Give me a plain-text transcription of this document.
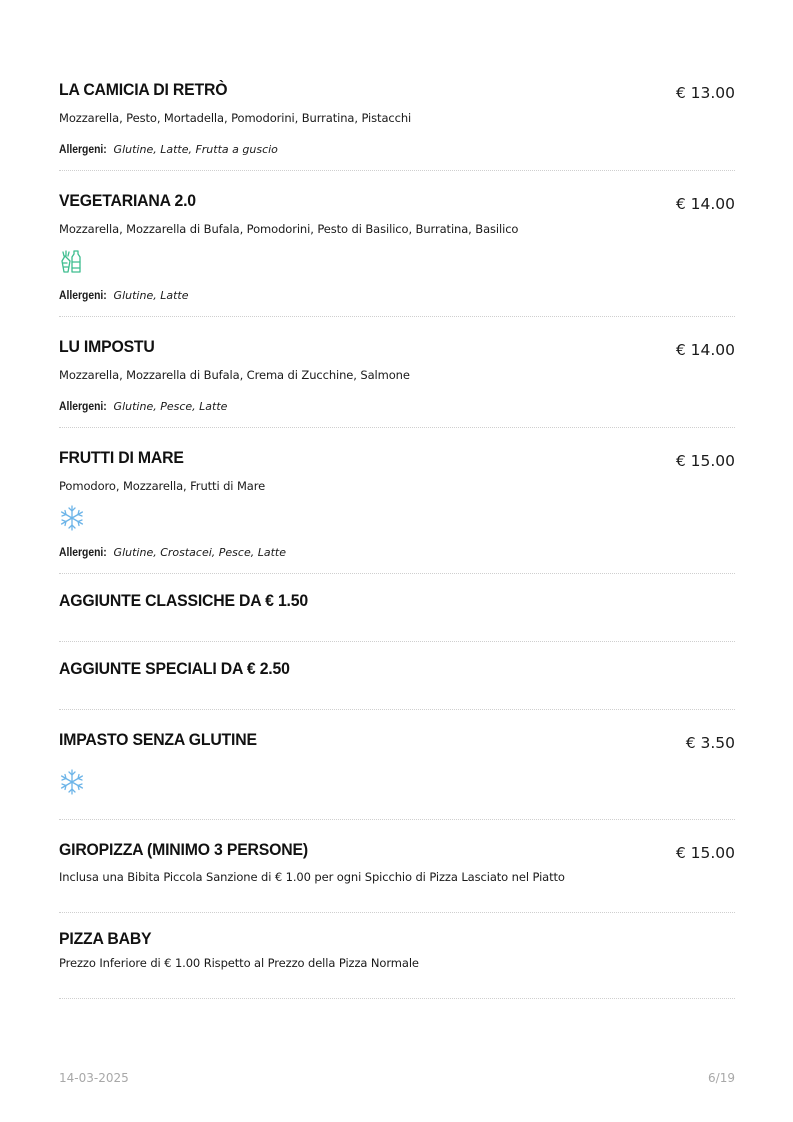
LA CAMICIA DI RETRÒ	€ 13.00
Mozzarella, Pesto, Mortadella, Pomodorini, Burratina, Pistacchi
Allergeni: Glutine, Latte, Frutta a guscio
VEGETARIANA 2.0	€ 14.00
Mozzarella, Mozzarella di Bufala, Pomodorini, Pesto di Basilico, Burratina, Basilico
Allergeni: Glutine, Latte
LU IMPOSTU	€ 14.00
Mozzarella, Mozzarella di Bufala, Crema di Zucchine, Salmone
Allergeni: Glutine, Pesce, Latte
FRUTTI DI MARE	€ 15.00
Pomodoro, Mozzarella, Frutti di Mare
Allergeni: Glutine, Crostacei, Pesce, Latte
AGGIUNTE CLASSICHE DA € 1.50
AGGIUNTE SPECIALI DA € 2.50
IMPASTO SENZA GLUTINE	€ 3.50
GIROPIZZA (MINIMO 3 PERSONE)	€ 15.00
Inclusa una Bibita Piccola Sanzione di € 1.00 per ogni Spicchio di Pizza Lasciato nel Piatto
PIZZA BABY
Prezzo Inferiore di € 1.00 Rispetto al Prezzo della Pizza Normale
14-03-2025	6/19
